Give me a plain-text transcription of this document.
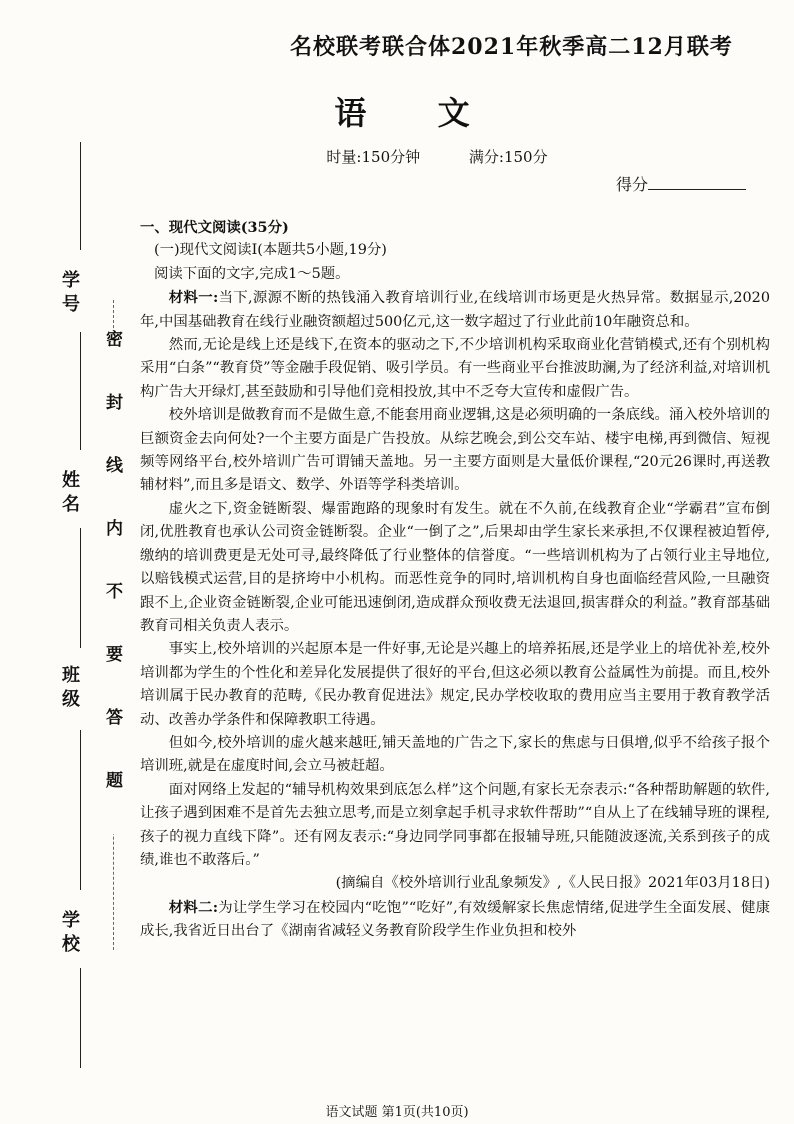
学 号
姓 名
班 级
学 校
密封线内不要答题
名校联考联合体2021年秋季高二12月联考
语 文
时量:150分钟	满分:150分
得分

一、现代文阅读(35分)

(一)现代文阅读Ⅰ(本题共5小题,19分)

阅读下面的文字,完成1～5题。

材料一:当下,源源不断的热钱涌入教育培训行业,在线培训市场更是火热异常。数据显示,2020年,中国基础教育在线行业融资额超过500亿元,这一数字超过了行业此前10年融资总和。

然而,无论是线上还是线下,在资本的驱动之下,不少培训机构采取商业化营销模式,还有个别机构采用“白条”“教育贷”等金融手段促销、吸引学员。有一些商业平台推波助澜,为了经济利益,对培训机构广告大开绿灯,甚至鼓励和引导他们竞相投放,其中不乏夸大宣传和虚假广告。

校外培训是做教育而不是做生意,不能套用商业逻辑,这是必须明确的一条底线。涌入校外培训的巨额资金去向何处?一个主要方面是广告投放。从综艺晚会,到公交车站、楼宇电梯,再到微信、短视频等网络平台,校外培训广告可谓铺天盖地。另一主要方面则是大量低价课程,“20元26课时,再送教辅材料”,而且多是语文、数学、外语等学科类培训。

虚火之下,资金链断裂、爆雷跑路的现象时有发生。就在不久前,在线教育企业“学霸君”宣布倒闭,优胜教育也承认公司资金链断裂。企业“一倒了之”,后果却由学生家长来承担,不仅课程被迫暂停,缴纳的培训费更是无处可寻,最终降低了行业整体的信誉度。“一些培训机构为了占领行业主导地位,以赔钱模式运营,目的是挤垮中小机构。而恶性竞争的同时,培训机构自身也面临经营风险,一旦融资跟不上,企业资金链断裂,企业可能迅速倒闭,造成群众预收费无法退回,损害群众的利益。”教育部基础教育司相关负责人表示。

事实上,校外培训的兴起原本是一件好事,无论是兴趣上的培养拓展,还是学业上的培优补差,校外培训都为学生的个性化和差异化发展提供了很好的平台,但这必须以教育公益属性为前提。而且,校外培训属于民办教育的范畴,《民办教育促进法》规定,民办学校收取的费用应当主要用于教育教学活动、改善办学条件和保障教职工待遇。

但如今,校外培训的虚火越来越旺,铺天盖地的广告之下,家长的焦虑与日俱增,似乎不给孩子报个培训班,就是在虚度时间,会立马被赶超。

面对网络上发起的“辅导机构效果到底怎么样”这个问题,有家长无奈表示:“各种帮助解题的软件,让孩子遇到困难不是首先去独立思考,而是立刻拿起手机寻求软件帮助”“自从上了在线辅导班的课程,孩子的视力直线下降”。还有网友表示:“身边同学同事都在报辅导班,只能随波逐流,关系到孩子的成绩,谁也不敢落后。”

(摘编自《校外培训行业乱象频发》,《人民日报》2021年03月18日)

材料二:为让学生学习在校园内“吃饱”“吃好”,有效缓解家长焦虑情绪,促进学生全面发展、健康成长,我省近日出台了《湖南省减轻义务教育阶段学生作业负担和校外

语文试题 第1页(共10页)
